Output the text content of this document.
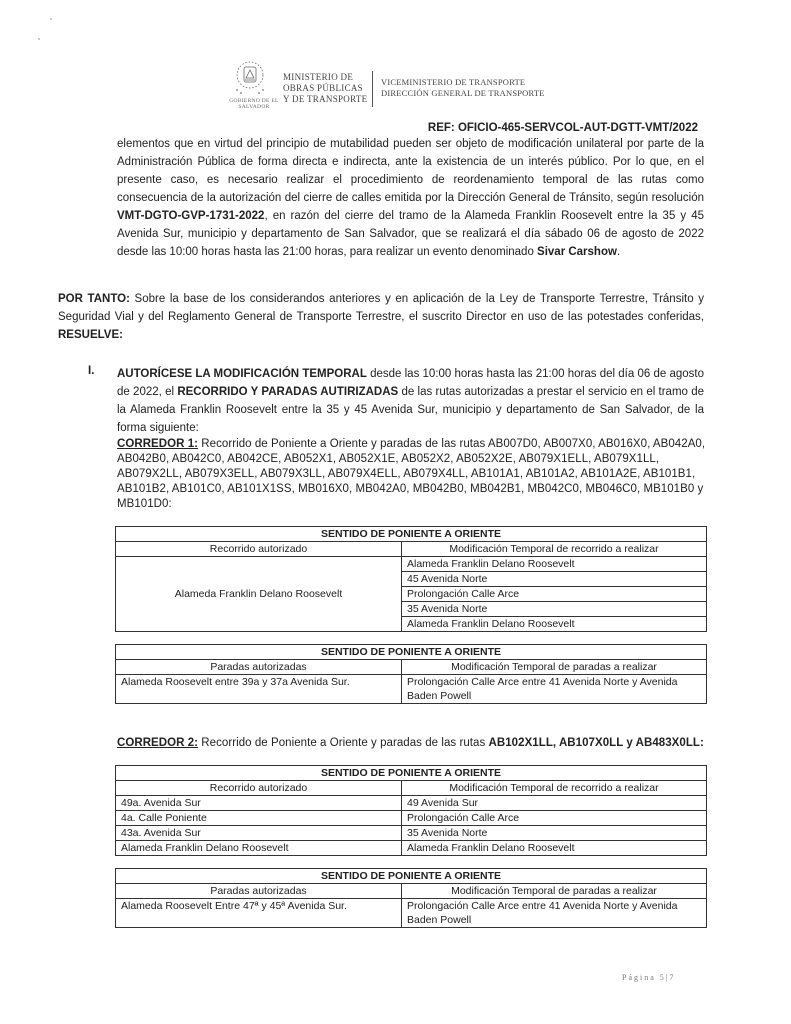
GOBIERNO DE EL SALVADOR
MINISTERIO DE
OBRAS PÚBLICAS
Y DE TRANSPORTE
VICEMINISTERIO DE TRANSPORTE
DIRECCIÓN GENERAL DE TRANSPORTE
REF: OFICIO-465-SERVCOL-AUT-DGTT-VMT/2022
elementos que en virtud del principio de mutabilidad pueden ser objeto de modificación unilateral por parte de la Administración Pública de forma directa e indirecta, ante la existencia de un interés público. Por lo que, en el presente caso, es necesario realizar el procedimiento de reordenamiento temporal de las rutas como consecuencia de la autorización del cierre de calles emitida por la Dirección General de Tránsito, según resolución VMT-DGTO-GVP-1731-2022, en razón del cierre del tramo de la Alameda Franklin Roosevelt entre la 35 y 45 Avenida Sur, municipio y departamento de San Salvador, que se realizará el día sábado 06 de agosto de 2022 desde las 10:00 horas hasta las 21:00 horas, para realizar un evento denominado Sivar Carshow.
POR TANTO: Sobre la base de los considerandos anteriores y en aplicación de la Ley de Transporte Terrestre, Tránsito y Seguridad Vial y del Reglamento General de Transporte Terrestre, el suscrito Director en uso de las potestades conferidas, RESUELVE:
I. AUTORÍCESE LA MODIFICACIÓN TEMPORAL desde las 10:00 horas hasta las 21:00 horas del día 06 de agosto de 2022, el RECORRIDO Y PARADAS AUTIRIZADAS de las rutas autorizadas a prestar el servicio en el tramo de la Alameda Franklin Roosevelt entre la 35 y 45 Avenida Sur, municipio y departamento de San Salvador, de la forma siguiente:
CORREDOR 1: Recorrido de Poniente a Oriente y paradas de las rutas AB007D0, AB007X0, AB016X0, AB042A0, AB042B0, AB042C0, AB042CE, AB052X1, AB052X1E, AB052X2, AB052X2E, AB079X1ELL, AB079X1LL, AB079X2LL, AB079X3ELL, AB079X3LL, AB079X4ELL, AB079X4LL, AB101A1, AB101A2, AB101A2E, AB101B1, AB101B2, AB101C0, AB101X1SS, MB016X0, MB042A0, MB042B0, MB042B1, MB042C0, MB046C0, MB101B0 y MB101D0:
SENTIDO DE PONIENTE A ORIENTE	
Recorrido autorizado	Modificación Temporal de recorrido a realizar
Alameda Franklin Delano Roosevelt	Alameda Franklin Delano Roosevelt
	45 Avenida Norte
	Prolongación Calle Arce
	35 Avenida Norte
	Alameda Franklin Delano Roosevelt
SENTIDO DE PONIENTE A ORIENTE	
Paradas autorizadas	Modificación Temporal de paradas a realizar
Alameda Roosevelt entre 39a y 37a Avenida Sur.	Prolongación Calle Arce entre 41 Avenida Norte y Avenida Baden Powell
CORREDOR 2: Recorrido de Poniente a Oriente y paradas de las rutas AB102X1LL, AB107X0LL y AB483X0LL:
SENTIDO DE PONIENTE A ORIENTE	
Recorrido autorizado	Modificación Temporal de recorrido a realizar
49a. Avenida Sur	49 Avenida Sur
4a. Calle Poniente	Prolongación Calle Arce
43a. Avenida Sur	35 Avenida Norte
Alameda Franklin Delano Roosevelt	Alameda Franklin Delano Roosevelt
SENTIDO DE PONIENTE A ORIENTE	
Paradas autorizadas	Modificación Temporal de paradas a realizar
Alameda Roosevelt Entre 47ª y 45ª Avenida Sur.	Prolongación Calle Arce entre 41 Avenida Norte y Avenida Baden Powell
Página 5|7
